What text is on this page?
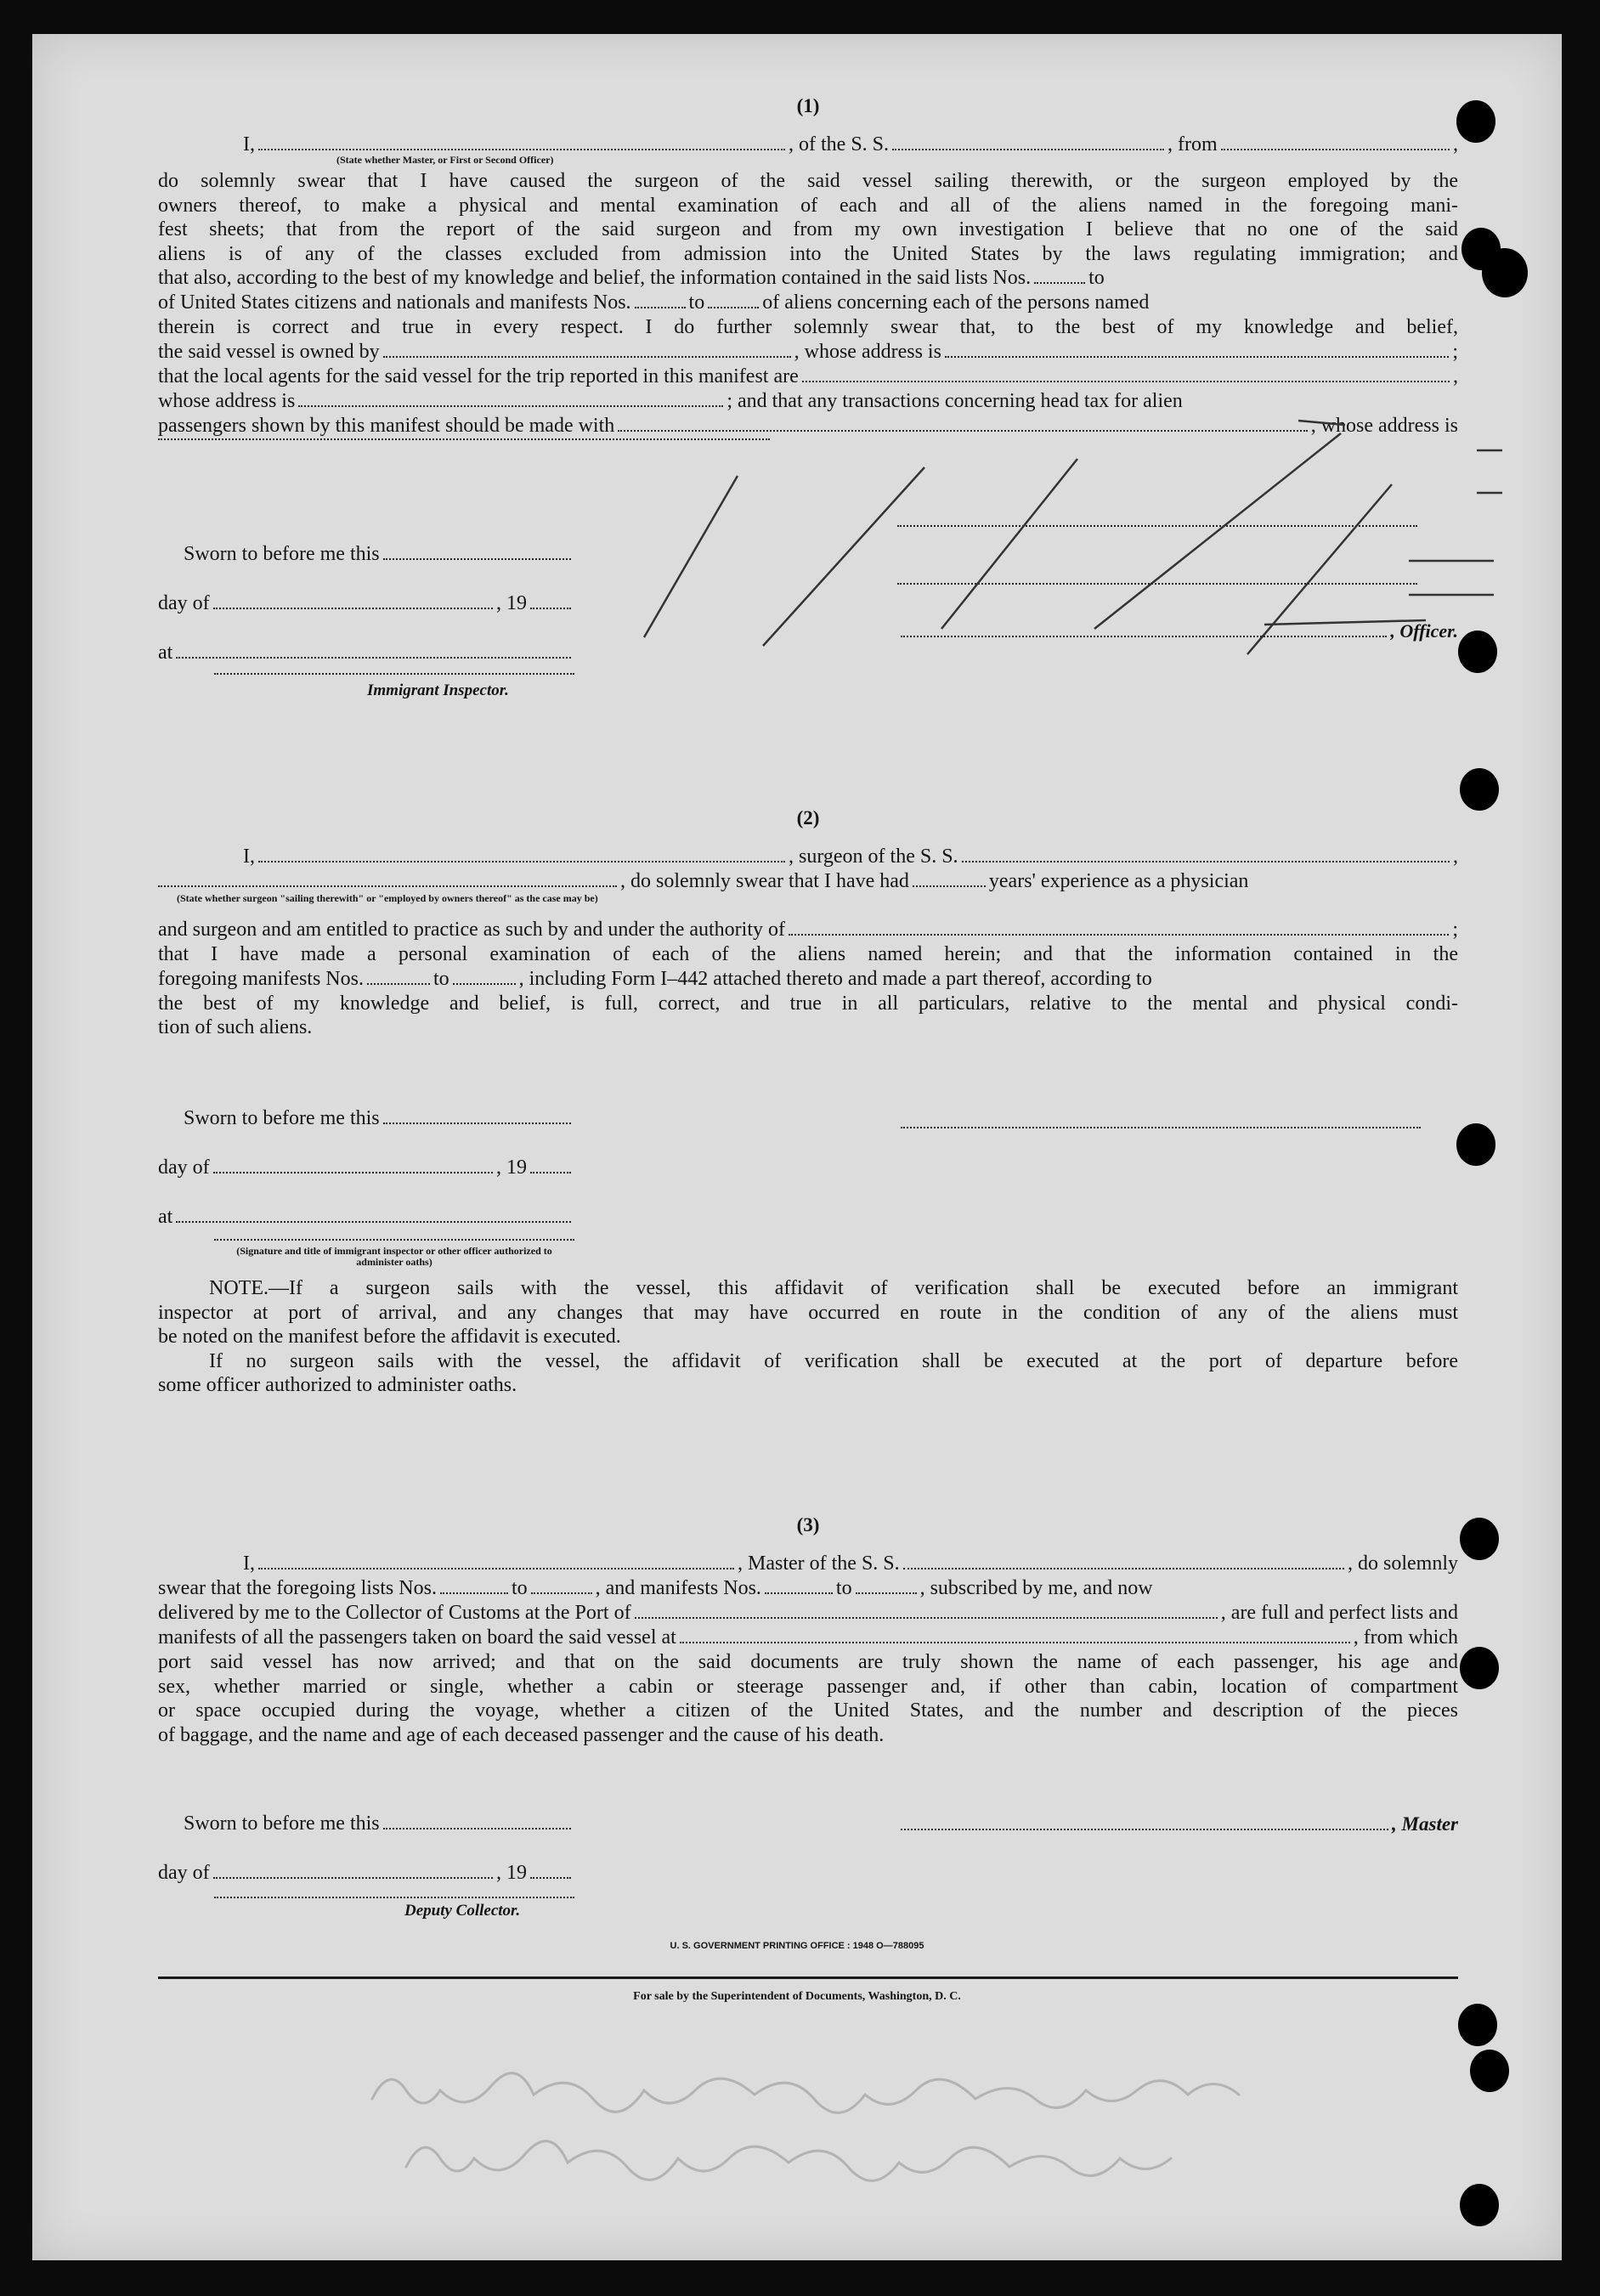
(1)
I,	, of the S. S.	, from	,
(State whether Master, or First or Second Officer)
do solemnly swear that I have caused the surgeon of the said vessel sailing therewith, or the surgeon employed by the
owners thereof, to make a physical and mental examination of each and all of the aliens named in the foregoing mani-
fest sheets; that from the report of the said surgeon and from my own investigation I believe that no one of the said
aliens is of any of the classes excluded from admission into the United States by the laws regulating immigration; and
that also, according to the best of my knowledge and belief, the information contained in the said lists Nos.	to
of United States citizens and nationals and manifests Nos.	to	of aliens concerning each of the persons named
therein is correct and true in every respect. I do further solemnly swear that, to the best of my knowledge and belief,
the said vessel is owned by	, whose address is	;
that the local agents for the said vessel for the trip reported in this manifest are	,
whose address is	; and that any transactions concerning head tax for alien
passengers shown by this manifest should be made with	, whose address is
Sworn to before me this
day of	, 19
at
Immigrant Inspector.
, Officer.
(2)
I,	, surgeon of the S. S.	,
, do solemnly swear that I have had	years' experience as a physician
(State whether surgeon "sailing therewith" or "employed by owners thereof" as the case may be)
and surgeon and am entitled to practice as such by and under the authority of	;
that I have made a personal examination of each of the aliens named herein; and that the information contained in the
foregoing manifests Nos.	to	, including Form I–442 attached thereto and made a part thereof, according to
the best of my knowledge and belief, is full, correct, and true in all particulars, relative to the mental and physical condi-
tion of such aliens.
Sworn to before me this
day of	, 19
at
(Signature and title of immigrant inspector or other officer authorized to administer oaths)
NOTE.—If a surgeon sails with the vessel, this affidavit of verification shall be executed before an immigrant
inspector at port of arrival, and any changes that may have occurred en route in the condition of any of the aliens must
be noted on the manifest before the affidavit is executed.
If no surgeon sails with the vessel, the affidavit of verification shall be executed at the port of departure before
some officer authorized to administer oaths.
(3)
I,	, Master of the S. S.	, do solemnly
swear that the foregoing lists Nos.	to	, and manifests Nos.	to	, subscribed by me, and now
delivered by me to the Collector of Customs at the Port of	, are full and perfect lists and
manifests of all the passengers taken on board the said vessel at	, from which
port said vessel has now arrived; and that on the said documents are truly shown the name of each passenger, his age and
sex, whether married or single, whether a cabin or steerage passenger and, if other than cabin, location of compartment
or space occupied during the voyage, whether a citizen of the United States, and the number and description of the pieces
of baggage, and the name and age of each deceased passenger and the cause of his death.
Sworn to before me this	, Master
day of	, 19
Deputy Collector.
U. S. GOVERNMENT PRINTING OFFICE : 1948 O—788095
For sale by the Superintendent of Documents, Washington, D. C.
